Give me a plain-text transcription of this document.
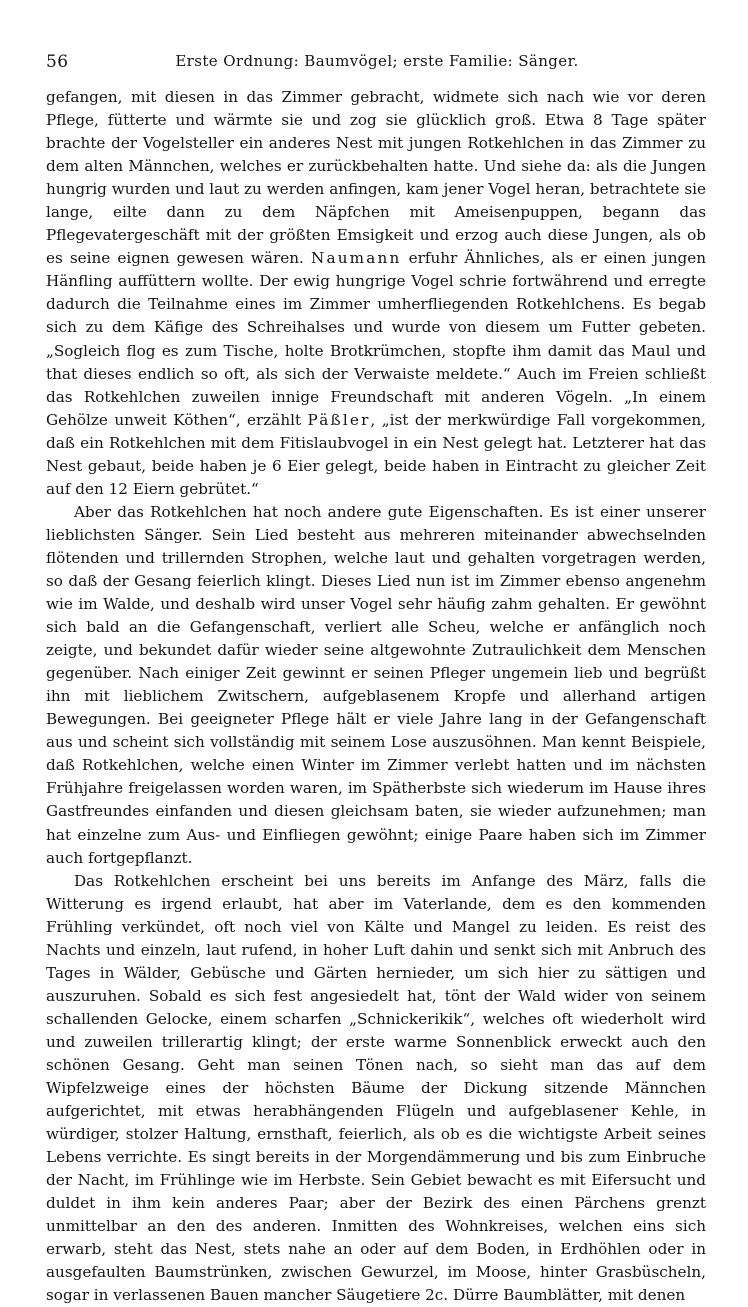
56	Erste Ordnung: Baumvögel; erste Familie: Sänger.

gefangen, mit diesen in das Zimmer gebracht, widmete sich nach wie vor deren Pflege, fütterte und wärmte sie und zog sie glücklich groß. Etwa 8 Tage später brachte der Vogelsteller ein anderes Nest mit jungen Rotkehlchen in das Zimmer zu dem alten Männchen, welches er zurückbehalten hatte. Und siehe da: als die Jungen hungrig wurden und laut zu werden anfingen, kam jener Vogel heran, betrachtete sie lange, eilte dann zu dem Näpfchen mit Ameisenpuppen, begann das Pflegevatergeschäft mit der größten Emsigkeit und erzog auch diese Jungen, als ob es seine eignen gewesen wären. Naumann erfuhr Ähnliches, als er einen jungen Hänfling auffüttern wollte. Der ewig hungrige Vogel schrie fortwährend und erregte dadurch die Teilnahme eines im Zimmer umherfliegenden Rotkehlchens. Es begab sich zu dem Käfige des Schreihalses und wurde von diesem um Futter gebeten. „Sogleich flog es zum Tische, holte Brotkrümchen, stopfte ihm damit das Maul und that dieses endlich so oft, als sich der Verwaiste meldete.“ Auch im Freien schließt das Rotkehlchen zuweilen innige Freundschaft mit anderen Vögeln. „In einem Gehölze unweit Köthen“, erzählt Päßler, „ist der merkwürdige Fall vorgekommen, daß ein Rotkehlchen mit dem Fitislaubvogel in ein Nest gelegt hat. Letzterer hat das Nest gebaut, beide haben je 6 Eier gelegt, beide haben in Eintracht zu gleicher Zeit auf den 12 Eiern gebrütet.“

Aber das Rotkehlchen hat noch andere gute Eigenschaften. Es ist einer unserer lieblichsten Sänger. Sein Lied besteht aus mehreren miteinander abwechselnden flötenden und trillernden Strophen, welche laut und gehalten vorgetragen werden, so daß der Gesang feierlich klingt. Dieses Lied nun ist im Zimmer ebenso angenehm wie im Walde, und deshalb wird unser Vogel sehr häufig zahm gehalten. Er gewöhnt sich bald an die Gefangenschaft, verliert alle Scheu, welche er anfänglich noch zeigte, und bekundet dafür wieder seine altgewohnte Zutraulichkeit dem Menschen gegenüber. Nach einiger Zeit gewinnt er seinen Pfleger ungemein lieb und begrüßt ihn mit lieblichem Zwitschern, aufgeblasenem Kropfe und allerhand artigen Bewegungen. Bei geeigneter Pflege hält er viele Jahre lang in der Gefangenschaft aus und scheint sich vollständig mit seinem Lose auszusöhnen. Man kennt Beispiele, daß Rotkehlchen, welche einen Winter im Zimmer verlebt hatten und im nächsten Frühjahre freigelassen worden waren, im Spätherbste sich wiederum im Hause ihres Gastfreundes einfanden und diesen gleichsam baten, sie wieder aufzunehmen; man hat einzelne zum Aus- und Einfliegen gewöhnt; einige Paare haben sich im Zimmer auch fortgepflanzt.

Das Rotkehlchen erscheint bei uns bereits im Anfange des März, falls die Witterung es irgend erlaubt, hat aber im Vaterlande, dem es den kommenden Frühling verkündet, oft noch viel von Kälte und Mangel zu leiden. Es reist des Nachts und einzeln, laut rufend, in hoher Luft dahin und senkt sich mit Anbruch des Tages in Wälder, Gebüsche und Gärten hernieder, um sich hier zu sättigen und auszuruhen. Sobald es sich fest angesiedelt hat, tönt der Wald wider von seinem schallenden Gelocke, einem scharfen „Schnickerikik“, welches oft wiederholt wird und zuweilen trillerartig klingt; der erste warme Sonnenblick erweckt auch den schönen Gesang. Geht man seinen Tönen nach, so sieht man das auf dem Wipfelzweige eines der höchsten Bäume der Dickung sitzende Männchen aufgerichtet, mit etwas herabhängenden Flügeln und aufgeblasener Kehle, in würdiger, stolzer Haltung, ernsthaft, feierlich, als ob es die wichtigste Arbeit seines Lebens verrichte. Es singt bereits in der Morgendämmerung und bis zum Einbruche der Nacht, im Frühlinge wie im Herbste. Sein Gebiet bewacht es mit Eifersucht und duldet in ihm kein anderes Paar; aber der Bezirk des einen Pärchens grenzt unmittelbar an den des anderen. Inmitten des Wohnkreises, welchen eins sich erwarb, steht das Nest, stets nahe an oder auf dem Boden, in Erdhöhlen oder in ausgefaulten Baumstrünken, zwischen Gewurzel, im Moose, hinter Grasbüscheln, sogar in verlassenen Bauen mancher Säugetiere 2c. Dürre Baumblätter, mit denen
